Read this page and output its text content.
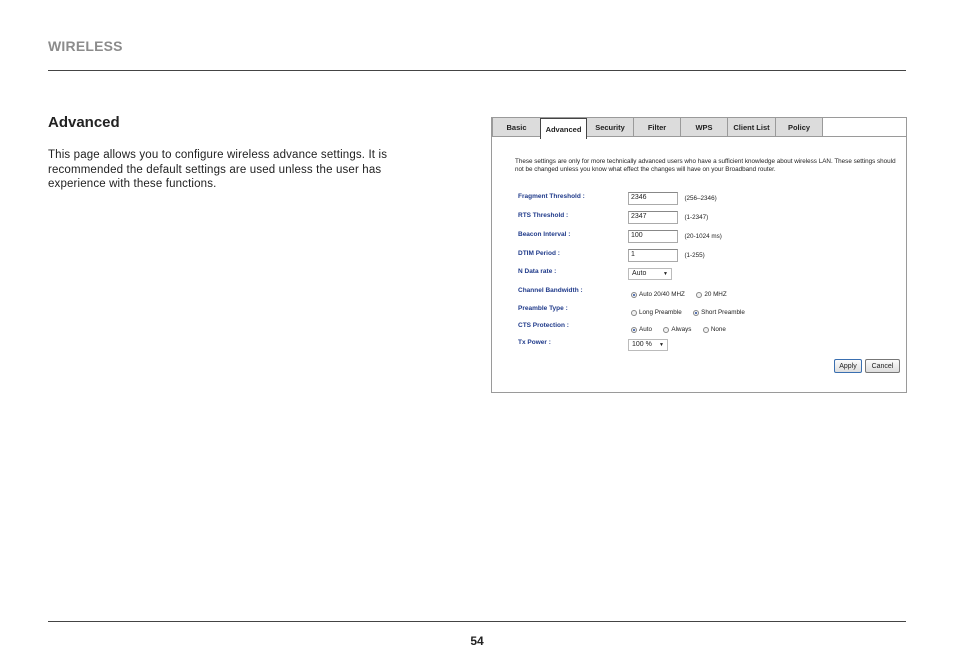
WIRELESS
Advanced
This page allows you to configure wireless advance settings. It is recommended the default settings are used unless the user has experience with these functions.
Basic	Advanced	Security	Filter	WPS	Client List	Policy
These settings are only for more technically advanced users who have a sufficient knowledge about wireless LAN. These settings should not be changed unless you know what effect the changes will have on your Broadband router.
Fragment Threshold :	2346	(256–2346)
RTS Threshold :	2347	(1-2347)
Beacon Interval :	100	(20-1024 ms)
DTIM Period :	1	(1-255)
N Data rate :	Auto	▼
Channel Bandwidth :
Auto 20/40 MHZ	20 MHZ
Preamble Type :
Long Preamble	Short Preamble
CTS Protection :
Auto	Always	None
Tx Power :	100 % ▼
Apply	Cancel
54
